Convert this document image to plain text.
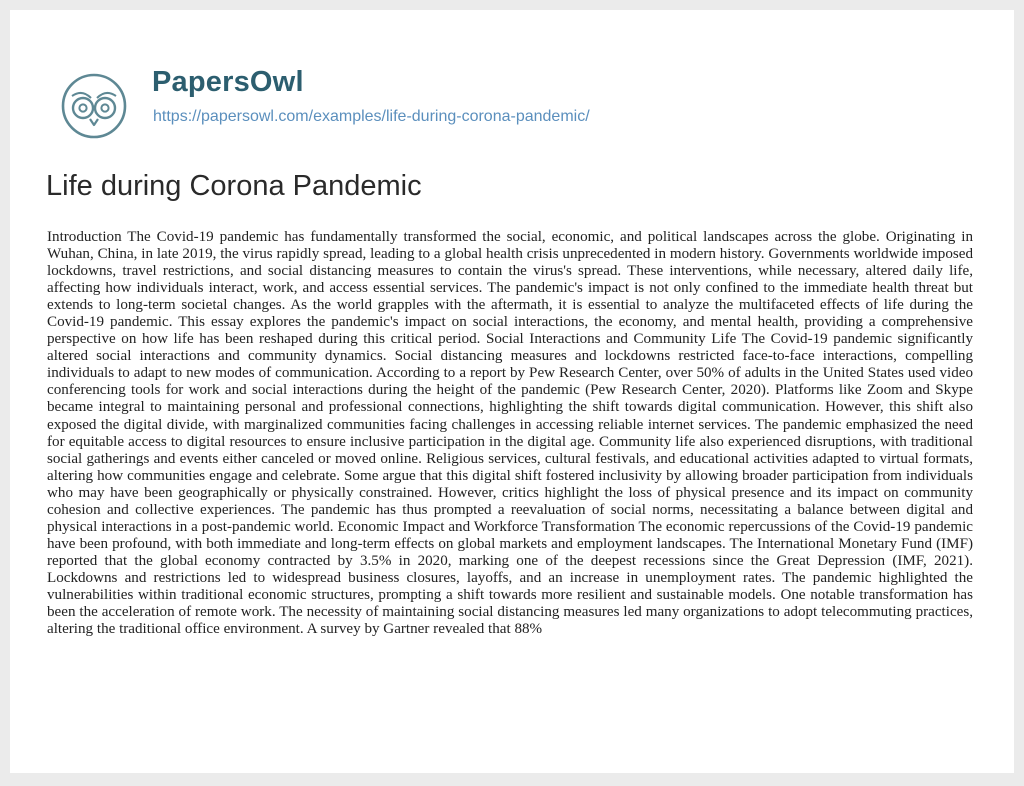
PapersOwl
https://papersowl.com/examples/life-during-corona-pandemic/
Life during Corona Pandemic

Introduction The Covid-19 pandemic has fundamentally transformed the social, economic, and political landscapes across the globe. Originating in Wuhan, China, in late 2019, the virus rapidly spread, leading to a global health crisis unprecedented in modern history. Governments worldwide imposed lockdowns, travel restrictions, and social distancing measures to contain the virus's spread. These interventions, while necessary, altered daily life, affecting how individuals interact, work, and access essential services. The pandemic's impact is not only confined to the immediate health threat but extends to long-term societal changes. As the world grapples with the aftermath, it is essential to analyze the multifaceted effects of life during the Covid-19 pandemic. This essay explores the pandemic's impact on social interactions, the economy, and mental health, providing a comprehensive perspective on how life has been reshaped during this critical period. Social Interactions and Community Life The Covid-19 pandemic significantly altered social interactions and community dynamics. Social distancing measures and lockdowns restricted face-to-face interactions, compelling individuals to adapt to new modes of communication. According to a report by Pew Research Center, over 50% of adults in the United States used video conferencing tools for work and social interactions during the height of the pandemic (Pew Research Center, 2020). Platforms like Zoom and Skype became integral to maintaining personal and professional connections, highlighting the shift towards digital communication. However, this shift also exposed the digital divide, with marginalized communities facing challenges in accessing reliable internet services. The pandemic emphasized the need for equitable access to digital resources to ensure inclusive participation in the digital age. Community life also experienced disruptions, with traditional social gatherings and events either canceled or moved online. Religious services, cultural festivals, and educational activities adapted to virtual formats, altering how communities engage and celebrate. Some argue that this digital shift fostered inclusivity by allowing broader participation from individuals who may have been geographically or physically constrained. However, critics highlight the loss of physical presence and its impact on community cohesion and collective experiences. The pandemic has thus prompted a reevaluation of social norms, necessitating a balance between digital and physical interactions in a post-pandemic world. Economic Impact and Workforce Transformation The economic repercussions of the Covid-19 pandemic have been profound, with both immediate and long-term effects on global markets and employment landscapes. The International Monetary Fund (IMF) reported that the global economy contracted by 3.5% in 2020, marking one of the deepest recessions since the Great Depression (IMF, 2021). Lockdowns and restrictions led to widespread business closures, layoffs, and an increase in unemployment rates. The pandemic highlighted the vulnerabilities within traditional economic structures, prompting a shift towards more resilient and sustainable models. One notable transformation has been the acceleration of remote work. The necessity of maintaining social distancing measures led many organizations to adopt telecommuting practices, altering the traditional office environment. A survey by Gartner revealed that 88%
